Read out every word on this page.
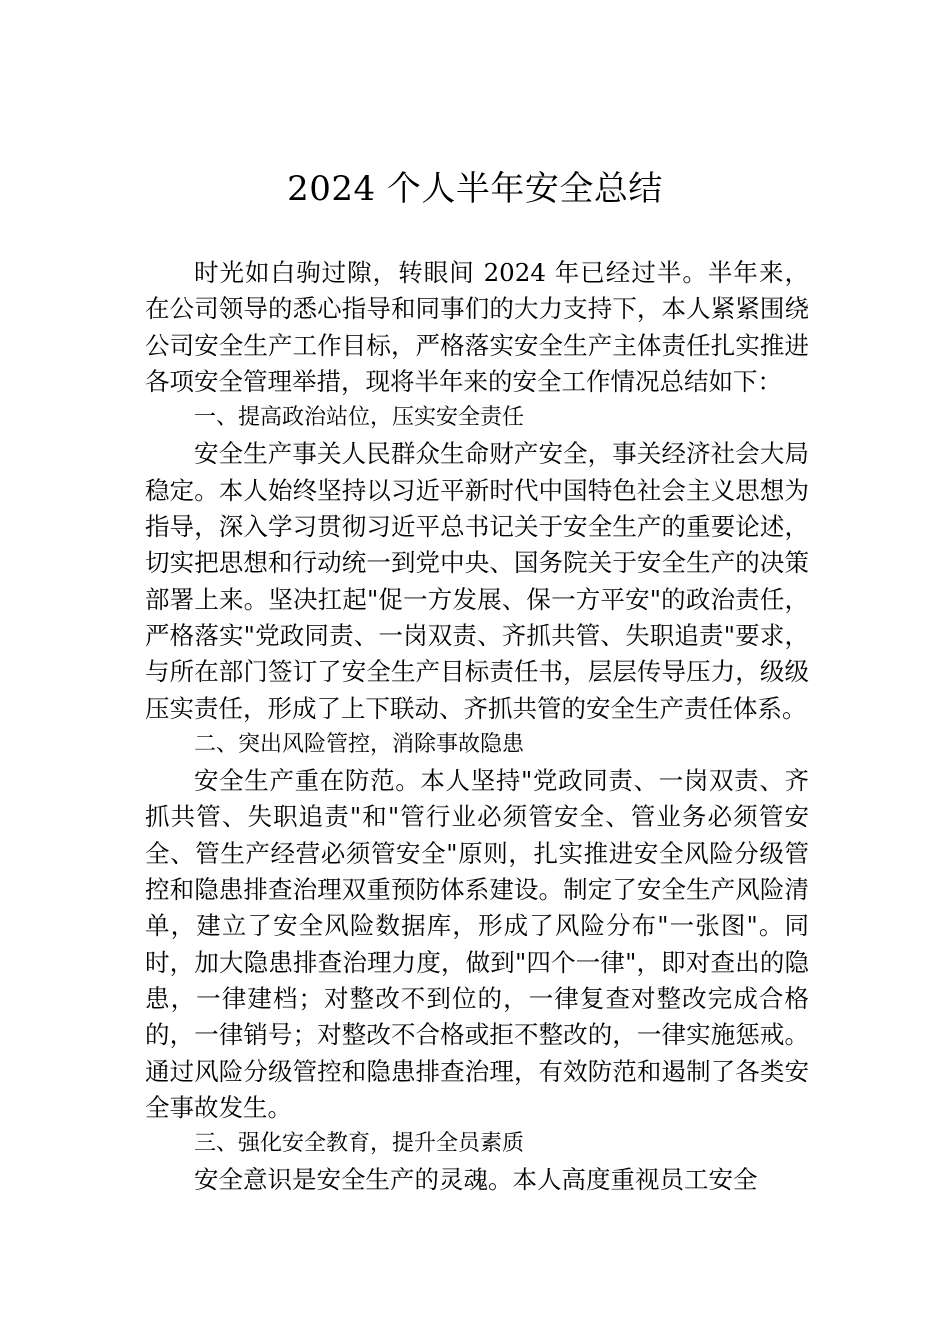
2024 个人半年安全总结

时光如白驹过隙，转眼间 2024 年已经过半。半年来，在公司领导的悉心指导和同事们的大力支持下，本人紧紧围绕公司安全生产工作目标，严格落实安全生产主体责任扎实推进各项安全管理举措，现将半年来的安全工作情况总结如下：

一、提高政治站位，压实安全责任

安全生产事关人民群众生命财产安全，事关经济社会大局稳定。本人始终坚持以习近平新时代中国特色社会主义思想为指导，深入学习贯彻习近平总书记关于安全生产的重要论述，切实把思想和行动统一到党中央、国务院关于安全生产的决策部署上来。坚决扛起"促一方发展、保一方平安"的政治责任，严格落实"党政同责、一岗双责、齐抓共管、失职追责"要求，与所在部门签订了安全生产目标责任书，层层传导压力，级级压实责任，形成了上下联动、齐抓共管的安全生产责任体系。

二、突出风险管控，消除事故隐患

安全生产重在防范。本人坚持"党政同责、一岗双责、齐抓共管、失职追责"和"管行业必须管安全、管业务必须管安全、管生产经营必须管安全"原则，扎实推进安全风险分级管控和隐患排查治理双重预防体系建设。制定了安全生产风险清单，建立了安全风险数据库，形成了风险分布"一张图"。同时，加大隐患排查治理力度，做到"四个一律"，即对查出的隐患，一律建档；对整改不到位的，一律复查对整改完成合格的，一律销号；对整改不合格或拒不整改的，一律实施惩戒。通过风险分级管控和隐患排查治理，有效防范和遏制了各类安全事故发生。

三、强化安全教育，提升全员素质

安全意识是安全生产的灵魂。本人高度重视员工安全
